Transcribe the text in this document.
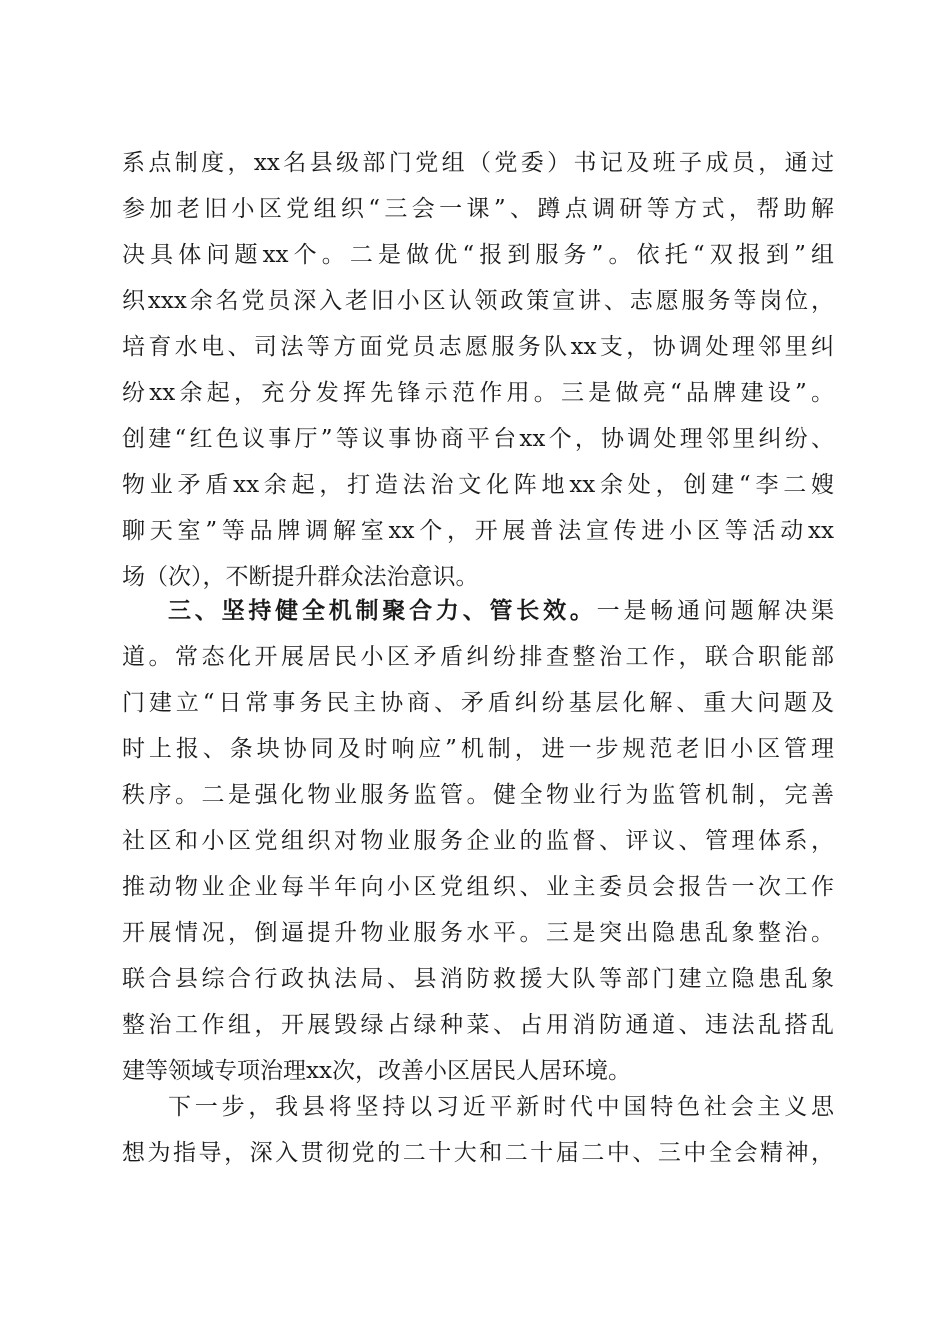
系点制度，xx名县级部门党组（党委）书记及班子成员，通过
参加老旧小区党组织“三会一课”、蹲点调研等方式，帮助解
决具体问题xx个。二是做优“报到服务”。依托“双报到”组
织xxx余名党员深入老旧小区认领政策宣讲、志愿服务等岗位，
培育水电、司法等方面党员志愿服务队xx支，协调处理邻里纠
纷xx余起，充分发挥先锋示范作用。三是做亮“品牌建设”。
创建“红色议事厅”等议事协商平台xx个，协调处理邻里纠纷、
物业矛盾xx余起，打造法治文化阵地xx余处，创建“李二嫂
聊天室”等品牌调解室xx个，开展普法宣传进小区等活动xx
场（次），不断提升群众法治意识。
三、坚持健全机制聚合力、管长效。一是畅通问题解决渠
道。常态化开展居民小区矛盾纠纷排查整治工作，联合职能部
门建立“日常事务民主协商、矛盾纠纷基层化解、重大问题及
时上报、条块协同及时响应”机制，进一步规范老旧小区管理
秩序。二是强化物业服务监管。健全物业行为监管机制，完善
社区和小区党组织对物业服务企业的监督、评议、管理体系，
推动物业企业每半年向小区党组织、业主委员会报告一次工作
开展情况，倒逼提升物业服务水平。三是突出隐患乱象整治。
联合县综合行政执法局、县消防救援大队等部门建立隐患乱象
整治工作组，开展毁绿占绿种菜、占用消防通道、违法乱搭乱
建等领域专项治理xx次，改善小区居民人居环境。
下一步，我县将坚持以习近平新时代中国特色社会主义思
想为指导，深入贯彻党的二十大和二十届二中、三中全会精神，
